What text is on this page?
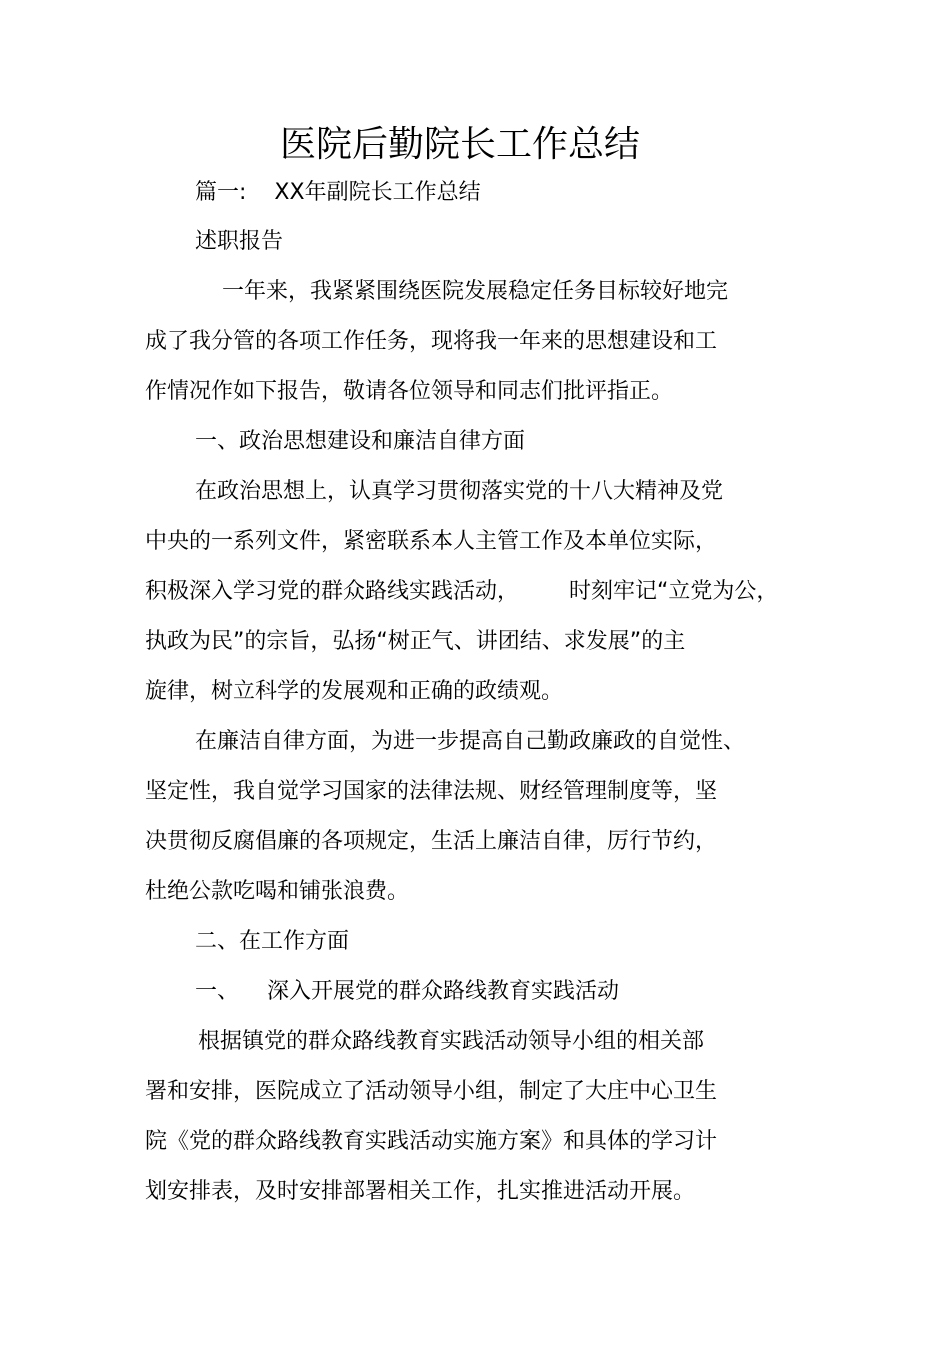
医院后勤院长工作总结
篇一: XX年副院长工作总结
述职报告
一年来，我紧紧围绕医院发展稳定任务目标较好地完
成了我分管的各项工作任务，现将我一年来的思想建设和工
作情况作如下报告，敬请各位领导和同志们批评指正。
一、政治思想建设和廉洁自律方面
在政治思想上，认真学习贯彻落实党的十八大精神及党
中央的一系列文件，紧密联系本人主管工作及本单位实际，
积极深入学习党的群众路线实践活动， 时刻牢记“立党为公，
执政为民”的宗旨，弘扬“树正气、讲团结、求发展”的主
旋律，树立科学的发展观和正确的政绩观。
在廉洁自律方面，为进一步提高自己勤政廉政的自觉性、
坚定性，我自觉学习国家的法律法规、财经管理制度等，坚
决贯彻反腐倡廉的各项规定，生活上廉洁自律，厉行节约，
杜绝公款吃喝和铺张浪费。
二、在工作方面
一、 深入开展党的群众路线教育实践活动
根据镇党的群众路线教育实践活动领导小组的相关部
署和安排，医院成立了活动领导小组，制定了大庄中心卫生
院《党的群众路线教育实践活动实施方案》和具体的学习计
划安排表，及时安排部署相关工作，扎实推进活动开展。
